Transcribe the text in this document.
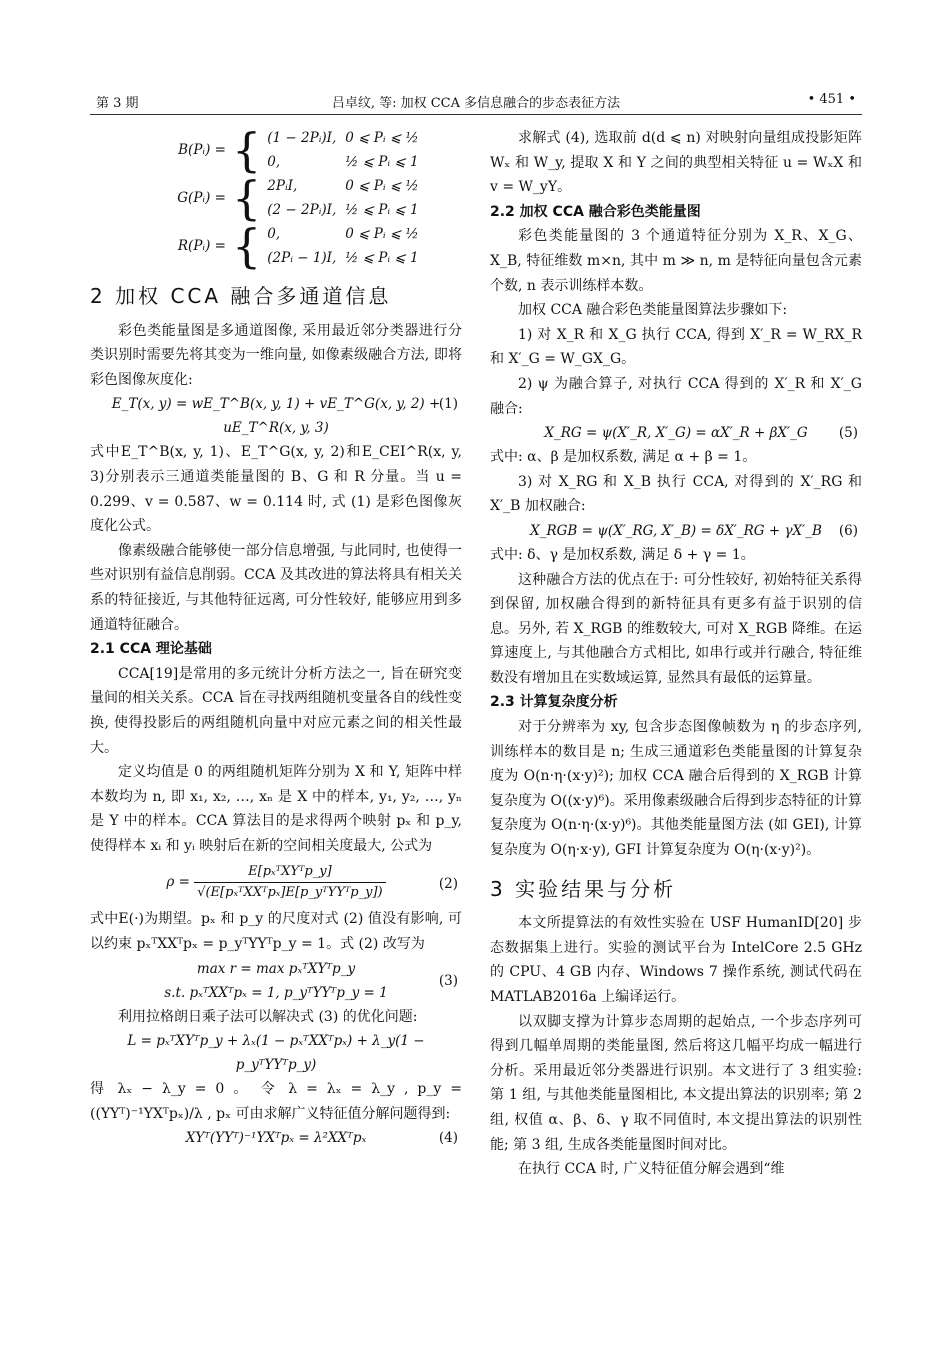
第 3 期	吕卓纹, 等: 加权 CCA 多信息融合的步态表征方法	• 451 •
B(Pᵢ) = { (1 − 2Pᵢ)I, 0 ⩽ Pᵢ ⩽ ½
0,	½ ⩽ Pᵢ ⩽ 1
G(Pᵢ) = { 2PᵢI,	0 ⩽ Pᵢ ⩽ ½
(2 − 2Pᵢ)I, ½ ⩽ Pᵢ ⩽ 1
R(Pᵢ) = { 0,	0 ⩽ Pᵢ ⩽ ½
(2Pᵢ − 1)I, ½ ⩽ Pᵢ ⩽ 1
2 加权 CCA 融合多通道信息

彩色类能量图是多通道图像, 采用最近邻分类器进行分类识别时需要先将其变为一维向量, 如像素级融合方法, 即将彩色图像灰度化:

E_T(x, y) = wE_T^B(x, y, 1) + vE_T^G(x, y, 2) + uE_T^R(x, y, 3)
(1)

式中E_T^B(x, y, 1)、E_T^G(x, y, 2)和E_CEI^R(x, y, 3)分别表示三通道类能量图的 B、G 和 R 分量。当 u = 0.299、v = 0.587、w = 0.114 时, 式 (1) 是彩色图像灰度化公式。

像素级融合能够使一部分信息增强, 与此同时, 也使得一些对识别有益信息削弱。CCA 及其改进的算法将具有相关关系的特征接近, 与其他特征远离, 可分性较好, 能够应用到多通道特征融合。

2.1 CCA 理论基础

CCA[19]是常用的多元统计分析方法之一, 旨在研究变量间的相关关系。CCA 旨在寻找两组随机变量各自的线性变换, 使得投影后的两组随机向量中对应元素之间的相关性最大。

定义均值是 0 的两组随机矩阵分别为 X 和 Y, 矩阵中样本数均为 n, 即 x₁, x₂, …, xₙ 是 X 中的样本, y₁, y₂, …, yₙ 是 Y 中的样本。CCA 算法目的是求得两个映射 pₓ 和 p_y, 使得样本 xᵢ 和 yᵢ 映射后在新的空间相关度最大, 公式为

$\rho = \frac{\text{E[pₓᵀXYᵀp\_y]}}{\text{√(E[pₓᵀXXᵀpₓ]E[p\_yᵀYYᵀp\_y])}}$	(2)

式中E(·)为期望。pₓ 和 p_y 的尺度对式 (2) 值没有影响, 可以约束 pₓᵀXXᵀpₓ = p_yᵀYYᵀp_y = 1。式 (2) 改写为

max r = max pₓᵀXYᵀp_y
s.t. pₓᵀXXᵀpₓ = 1, p_yᵀYYᵀp_y = 1
(3)

利用拉格朗日乘子法可以解决式 (3) 的优化问题:

L = pₓᵀXYᵀp_y + λₓ(1 − pₓᵀXXᵀpₓ) + λ_y(1 − p_yᵀYYᵀp_y)

得 λₓ − λ_y = 0 。 令 λ = λₓ = λ_y , p_y = ((YYᵀ)⁻¹YXᵀpₓ)/λ , pₓ 可由求解广义特征值分解问题得到:

XYᵀ(YYᵀ)⁻¹YXᵀpₓ = λ²XXᵀpₓ	(4)

求解式 (4), 选取前 d(d ⩽ n) 对映射向量组成投影矩阵 Wₓ 和 W_y, 提取 X 和 Y 之间的典型相关特征 u = WₓX 和 v = W_yY。

2.2 加权 CCA 融合彩色类能量图

彩色类能量图的 3 个通道特征分别为 X_R、X_G、X_B, 特征维数 m×n, 其中 m ≫ n, m 是特征向量包含元素个数, n 表示训练样本数。

加权 CCA 融合彩色类能量图算法步骤如下:

1) 对 X_R 和 X_G 执行 CCA, 得到 X′_R = W_RX_R 和 X′_G = W_GX_G。

2) ψ 为融合算子, 对执行 CCA 得到的 X′_R 和 X′_G 融合:

X_RG = ψ(X′_R, X′_G) = αX′_R + βX′_G (5)

式中: α、β 是加权系数, 满足 α + β = 1。

3) 对 X_RG 和 X_B 执行 CCA, 对得到的 X′_RG 和 X′_B 加权融合:

X_RGB = ψ(X′_RG, X′_B) = δX′_RG + γX′_B (6)

式中: δ、γ 是加权系数, 满足 δ + γ = 1。

这种融合方法的优点在于: 可分性较好, 初始特征关系得到保留, 加权融合得到的新特征具有更多有益于识别的信息。另外, 若 X_RGB 的维数较大, 可对 X_RGB 降维。在运算速度上, 与其他融合方式相比, 如串行或并行融合, 特征维数没有增加且在实数域运算, 显然具有最低的运算量。

2.3 计算复杂度分析

对于分辨率为 xy, 包含步态图像帧数为 η 的步态序列, 训练样本的数目是 n; 生成三通道彩色类能量图的计算复杂度为 O(n·η·(x·y)²); 加权 CCA 融合后得到的 X_RGB 计算复杂度为 O((x·y)⁶)。采用像素级融合后得到步态特征的计算复杂度为 O(n·η·(x·y)⁶)。其他类能量图方法 (如 GEI), 计算复杂度为 O(η·x·y), GFI 计算复杂度为 O(η·(x·y)²)。

3 实验结果与分析

本文所提算法的有效性实验在 USF HumanID[20] 步态数据集上进行。实验的测试平台为 IntelCore 2.5 GHz 的 CPU、4 GB 内存、Windows 7 操作系统, 测试代码在 MATLAB2016a 上编译运行。

以双脚支撑为计算步态周期的起始点, 一个步态序列可得到几幅单周期的类能量图, 然后将这几幅平均成一幅进行分析。采用最近邻分类器进行识别。本文进行了 3 组实验: 第 1 组, 与其他类能量图相比, 本文提出算法的识别率; 第 2 组, 权值 α、β、δ、γ 取不同值时, 本文提出算法的识别性能; 第 3 组, 生成各类能量图时间对比。

在执行 CCA 时, 广义特征值分解会遇到“维
